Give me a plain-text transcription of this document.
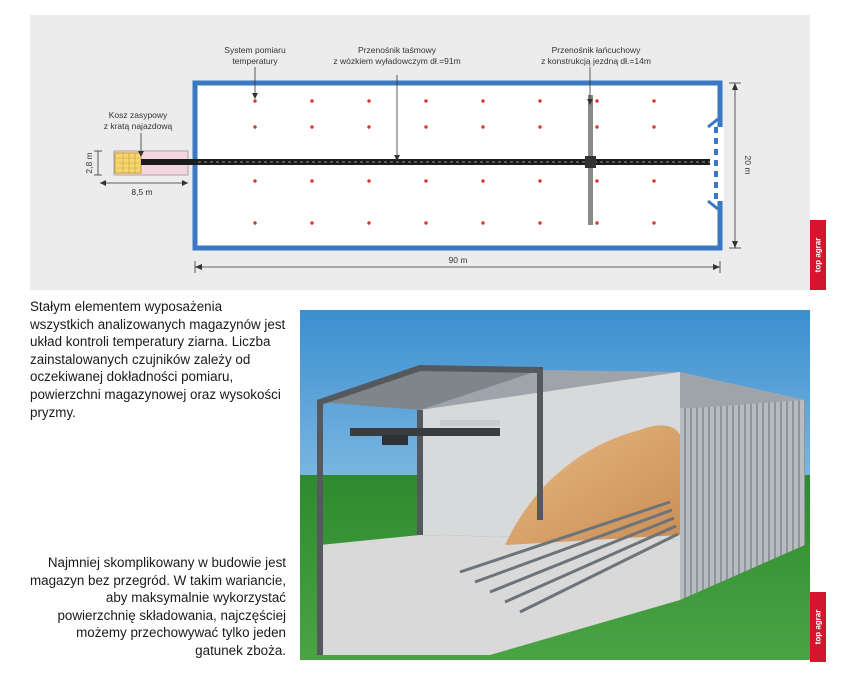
System pomiaru
temperatury
Przenośnik taśmowy
z wózkiem wyładowczym dł.=91m
Przenośnik łańcuchowy
z konstrukcją jezdną dł.=14m
Kosz zasypowy
z kratą najazdową
8,5 m
90 m
20 m
2,8 m
top agrar
Stałym elementem wyposażenia wszystkich analizowanych magazynów jest układ kontroli temperatury ziarna. Liczba zainstalowanych czujników zależy od oczekiwanej dokładności pomiaru, powierzchni magazynowej oraz wysokości pryzmy.
Najmniej skomplikowany w budowie jest magazyn bez przegród. W takim wariancie, aby maksymalnie wykorzystać powierzchnię składowania, najczęściej możemy przechowywać tylko jeden gatunek zboża.
top agrar
